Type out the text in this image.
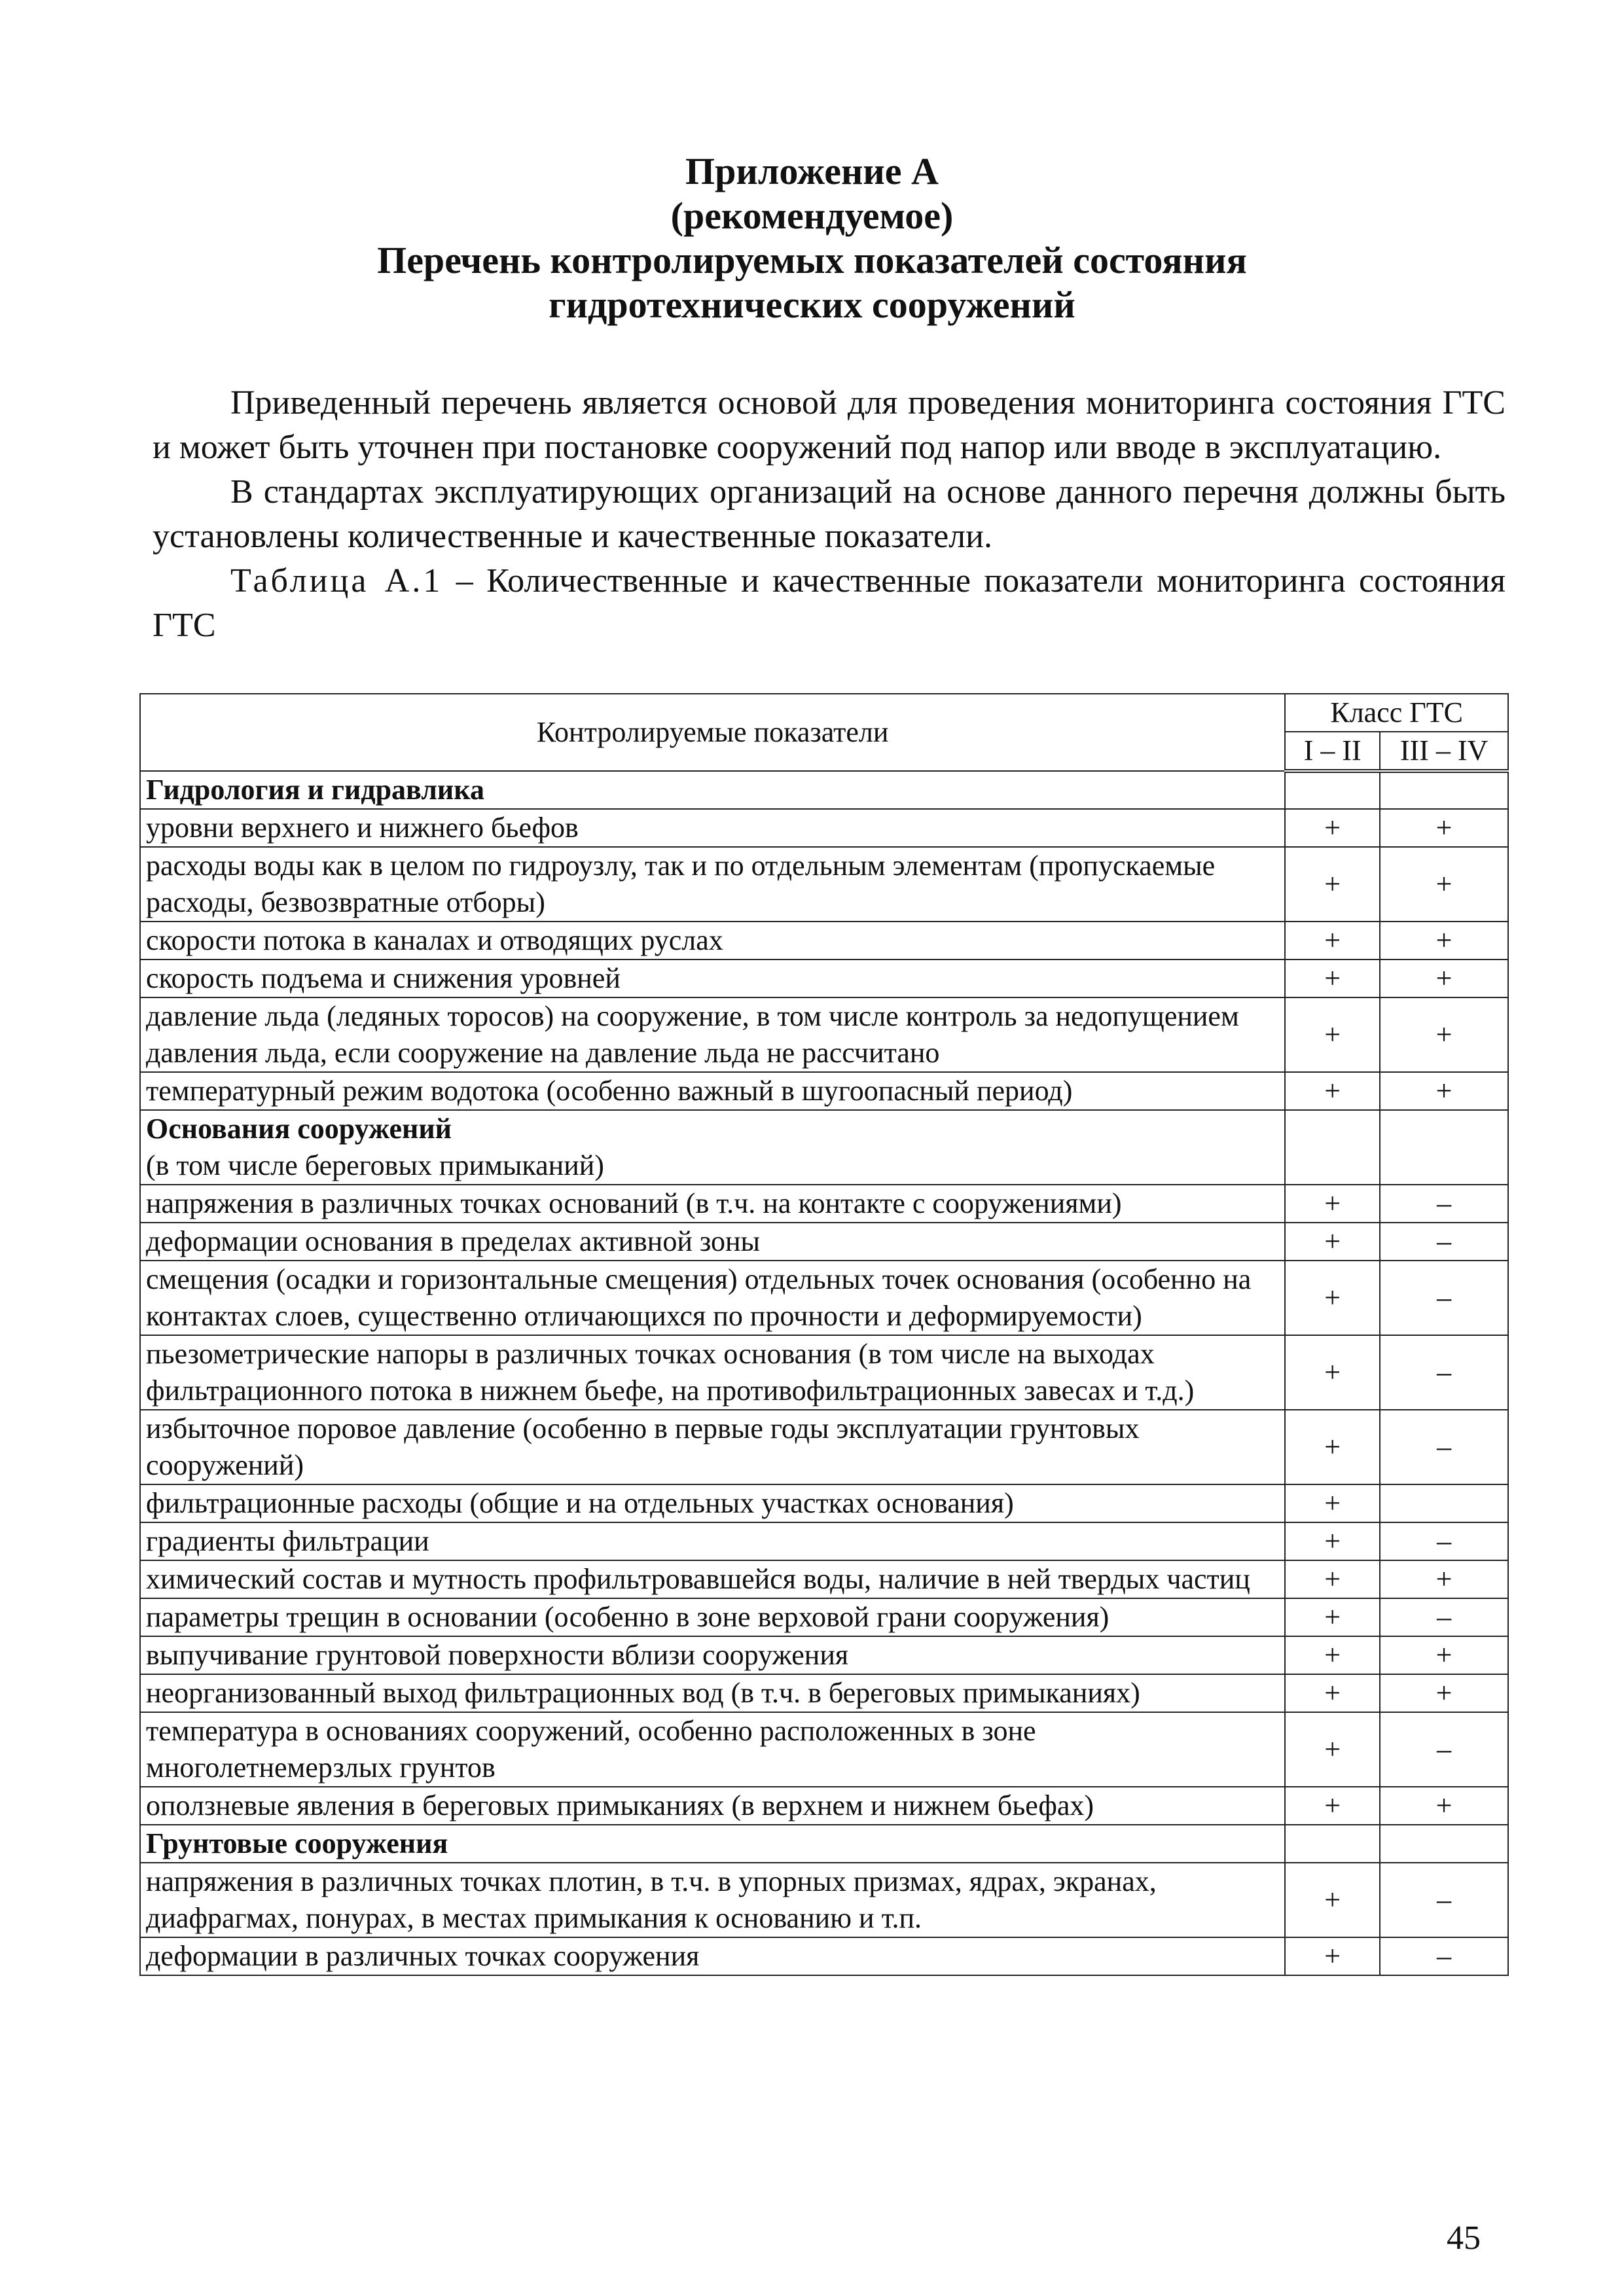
Приложение А
(рекомендуемое)
Перечень контролируемых показателей состояния
гидротехнических сооружений

Приведенный перечень является основой для проведения мониторинга состояния ГТС и может быть уточнен при постановке сооружений под напор или вводе в эксплуатацию.

В стандартах эксплуатирующих организаций на основе данного перечня должны быть установлены количественные и качественные показатели.

Таблица А.1 – Количественные и качественные показатели мониторинга состояния ГТС

Контролируемые показатели	Класс ГТС	
	I – II	III – IV
Гидрология и гидравлика		
уровни верхнего и нижнего бьефов	+	+
расходы воды как в целом по гидроузлу, так и по отдельным элементам (пропускаемые расходы, безвозвратные отборы)	+	+
скорости потока в каналах и отводящих руслах	+	+
скорость подъема и снижения уровней	+	+
давление льда (ледяных торосов) на сооружение, в том числе контроль за недопущением давления льда, если сооружение на давление льда не рассчитано	+	+
температурный режим водотока (особенно важный в шугоопасный период)	+	+
Основания сооружений
(в том числе береговых примыканий)		
напряжения в различных точках оснований (в т.ч. на контакте с сооружениями)	+	–
деформации основания в пределах активной зоны	+	–
смещения (осадки и горизонтальные смещения) отдельных точек основания (особенно на контактах слоев, существенно отличающихся по прочности и деформируемости)	+	–
пьезометрические напоры в различных точках основания (в том числе на выходах фильтрационного потока в нижнем бьефе, на противофильтрационных завесах и т.д.)	+	–
избыточное поровое давление (особенно в первые годы эксплуатации грунтовых сооружений)	+	–
фильтрационные расходы (общие и на отдельных участках основания)	+	
градиенты фильтрации	+	–
химический состав и мутность профильтровавшейся воды, наличие в ней твердых частиц	+	+
параметры трещин в основании (особенно в зоне верховой грани сооружения)	+	–
выпучивание грунтовой поверхности вблизи сооружения	+	+
неорганизованный выход фильтрационных вод (в т.ч. в береговых примыканиях)	+	+
температура в основаниях сооружений, особенно расположенных в зоне многолетнемерзлых грунтов	+	–
оползневые явления в береговых примыканиях (в верхнем и нижнем бьефах)	+	+
Грунтовые сооружения		
напряжения в различных точках плотин, в т.ч. в упорных призмах, ядрах, экранах, диафрагмах, понурах, в местах примыкания к основанию и т.п.	+	–
деформации в различных точках сооружения	+	–
45
